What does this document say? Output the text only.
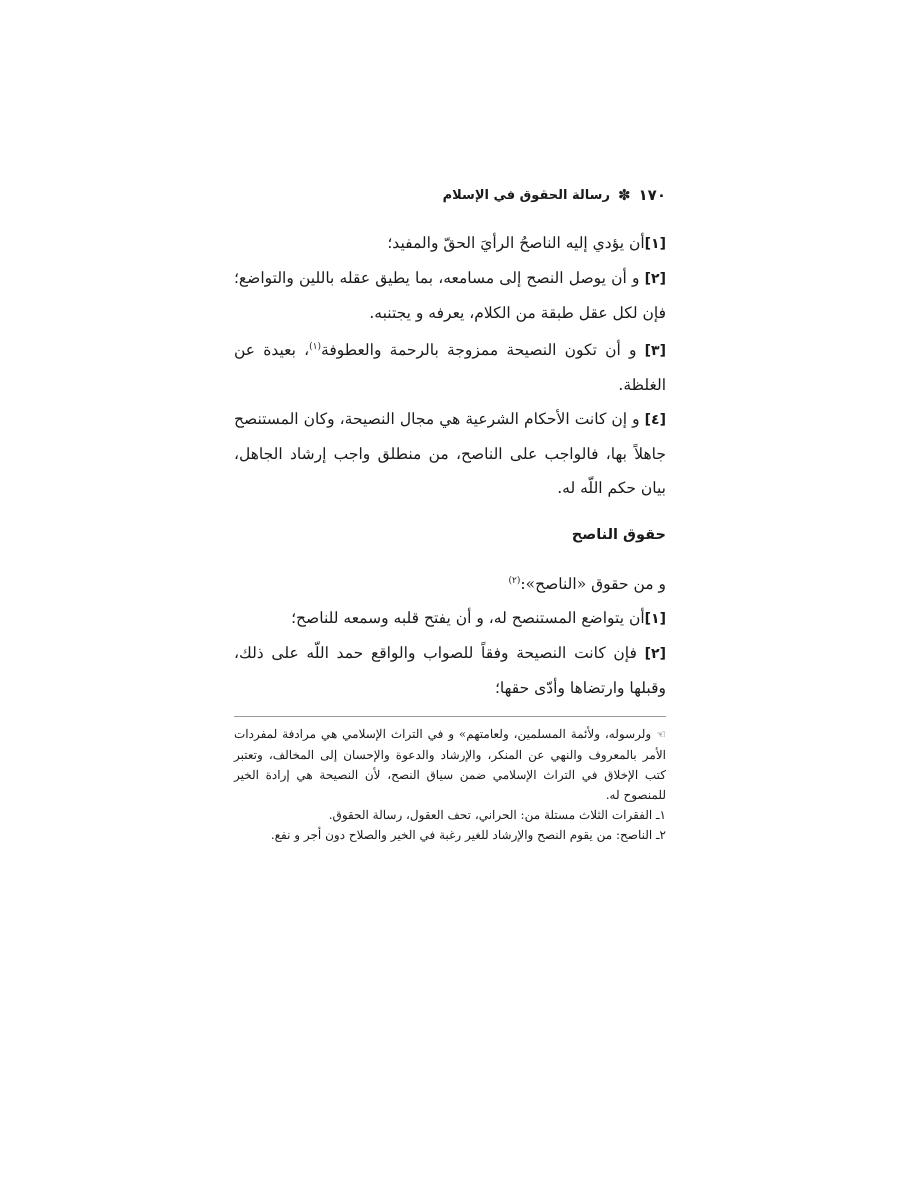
١٧٠
✽
رسالة الحقوق في الإسلام

[١]أن يؤدي إليه الناصحُ الرأيَ الحقّ والمفيد؛

[٢] و أن يوصل النصح إلى مسامعه، بما يطيق عقله باللين والتواضع؛ فإن لكل عقل طبقة من الكلام، يعرفه و يجتنبه.

[٣] و أن تكون النصيحة ممزوجة بالرحمة والعطوفة$^{(١)}$، بعيدة عن الغلظة.

[٤] و إن كانت الأحكام الشرعية هي مجال النصيحة، وكان المستنصح جاهلاً بها، فالواجب على الناصح، من منطلق واجب إرشاد الجاهل، بيان حكم اللّه له.

حقوق الناصح

و من حقوق «الناصح»:$^{(٢)}$

[١]أن يتواضع المستنصح له، و أن يفتح قلبه وسمعه للناصح؛

[٢] فإن كانت النصيحة وفقاً للصواب والواقع حمد اللّه على ذلك، وقبلها وارتضاها وأدّى حقها؛

☜ ولرسوله، ولأئمة المسلمين، ولعامتهم» و في التراث الإسلامي هي مرادفة لمفردات الأمر بالمعروف والنهي عن المنكر، والإرشاد والدعوة والإحسان إلى المخالف، وتعتبر كتب الإخلاق في التراث الإسلامي ضمن سياق النصح، لأن النصيحة هي إرادة الخير للمنصوح له.

١ـ الفقرات الثلاث مستلة من: الحراني، تحف العقول، رسالة الحقوق.

٢ـ الناصح: من يقوم النصح والإرشاد للغير رغبة في الخير والصلاح دون أجر و نفع.
